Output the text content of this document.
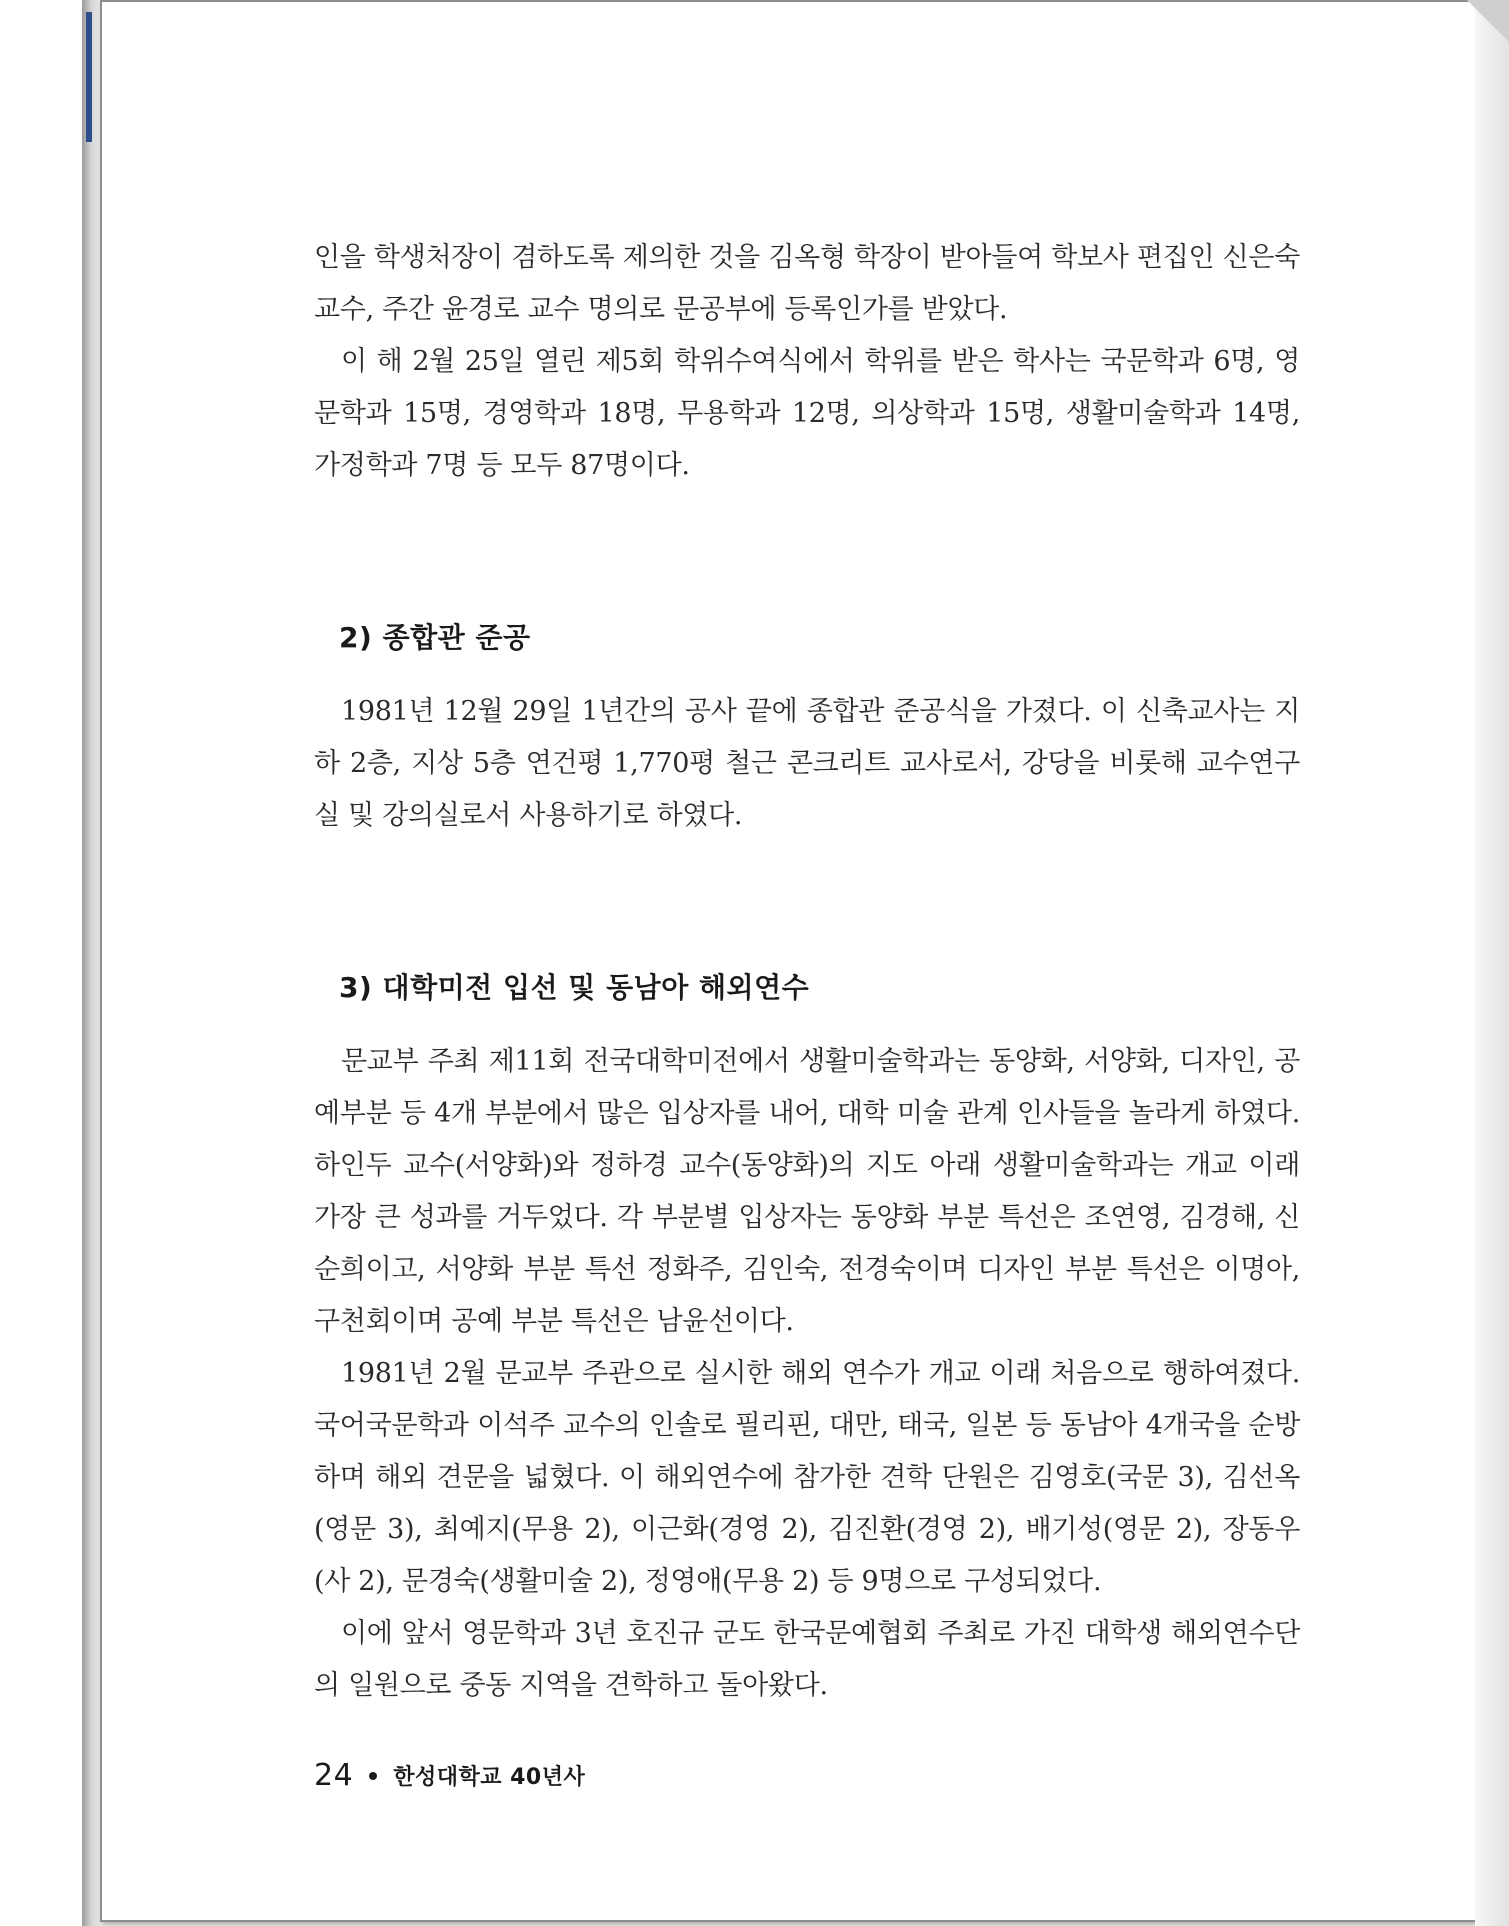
인을 학생처장이 겸하도록 제의한 것을 김옥형 학장이 받아들여 학보사 편집인 신은숙 교수, 주간 윤경로 교수 명의로 문공부에 등록인가를 받았다.

이 해 2월 25일 열린 제5회 학위수여식에서 학위를 받은 학사는 국문학과 6명, 영문학과 15명, 경영학과 18명, 무용학과 12명, 의상학과 15명, 생활미술학과 14명, 가정학과 7명 등 모두 87명이다.

2) 종합관 준공

1981년 12월 29일 1년간의 공사 끝에 종합관 준공식을 가졌다. 이 신축교사는 지하 2층, 지상 5층 연건평 1,770평 철근 콘크리트 교사로서, 강당을 비롯해 교수연구실 및 강의실로서 사용하기로 하였다.

3) 대학미전 입선 및 동남아 해외연수

문교부 주최 제11회 전국대학미전에서 생활미술학과는 동양화, 서양화, 디자인, 공예부분 등 4개 부분에서 많은 입상자를 내어, 대학 미술 관계 인사들을 놀라게 하였다. 하인두 교수(서양화)와 정하경 교수(동양화)의 지도 아래 생활미술학과는 개교 이래 가장 큰 성과를 거두었다. 각 부분별 입상자는 동양화 부분 특선은 조연영, 김경해, 신순희이고, 서양화 부분 특선 정화주, 김인숙, 전경숙이며 디자인 부분 특선은 이명아, 구천회이며 공예 부분 특선은 남윤선이다.

1981년 2월 문교부 주관으로 실시한 해외 연수가 개교 이래 처음으로 행하여졌다. 국어국문학과 이석주 교수의 인솔로 필리핀, 대만, 태국, 일본 등 동남아 4개국을 순방하며 해외 견문을 넓혔다. 이 해외연수에 참가한 견학 단원은 김영호(국문 3), 김선옥(영문 3), 최예지(무용 2), 이근화(경영 2), 김진환(경영 2), 배기성(영문 2), 장동우(사 2), 문경숙(생활미술 2), 정영애(무용 2) 등 9명으로 구성되었다.

이에 앞서 영문학과 3년 호진규 군도 한국문예협회 주최로 가진 대학생 해외연수단의 일원으로 중동 지역을 견학하고 돌아왔다.

24 한성대학교 40년사
